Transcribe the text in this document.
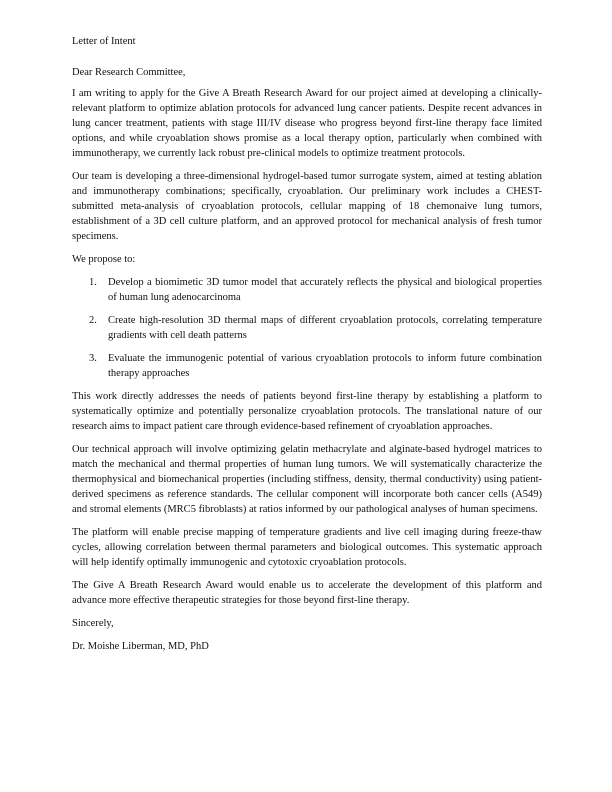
Letter of Intent

Dear Research Committee,

I am writing to apply for the Give A Breath Research Award for our project aimed at developing a clinically-relevant platform to optimize ablation protocols for advanced lung cancer patients. Despite recent advances in lung cancer treatment, patients with stage III/IV disease who progress beyond first-line therapy face limited options, and while cryoablation shows promise as a local therapy option, particularly when combined with immunotherapy, we currently lack robust pre-clinical models to optimize treatment protocols.

Our team is developing a three-dimensional hydrogel-based tumor surrogate system, aimed at testing ablation and immunotherapy combinations; specifically, cryoablation. Our preliminary work includes a CHEST-submitted meta-analysis of cryoablation protocols, cellular mapping of 18 chemonaive lung tumors, establishment of a 3D cell culture platform, and an approved protocol for mechanical analysis of fresh tumor specimens.

We propose to:

1. Develop a biomimetic 3D tumor model that accurately reflects the physical and biological properties of human lung adenocarcinoma
2. Create high-resolution 3D thermal maps of different cryoablation protocols, correlating temperature gradients with cell death patterns
3. Evaluate the immunogenic potential of various cryoablation protocols to inform future combination therapy approaches

This work directly addresses the needs of patients beyond first-line therapy by establishing a platform to systematically optimize and potentially personalize cryoablation protocols. The translational nature of our research aims to impact patient care through evidence-based refinement of cryoablation approaches.

Our technical approach will involve optimizing gelatin methacrylate and alginate-based hydrogel matrices to match the mechanical and thermal properties of human lung tumors. We will systematically characterize the thermophysical and biomechanical properties (including stiffness, density, thermal conductivity) using patient-derived specimens as reference standards. The cellular component will incorporate both cancer cells (A549) and stromal elements (MRC5 fibroblasts) at ratios informed by our pathological analyses of human specimens.

The platform will enable precise mapping of temperature gradients and live cell imaging during freeze-thaw cycles, allowing correlation between thermal parameters and biological outcomes. This systematic approach will help identify optimally immunogenic and cytotoxic cryoablation protocols.

The Give A Breath Research Award would enable us to accelerate the development of this platform and advance more effective therapeutic strategies for those beyond first-line therapy.

Sincerely,

Dr. Moishe Liberman, MD, PhD
